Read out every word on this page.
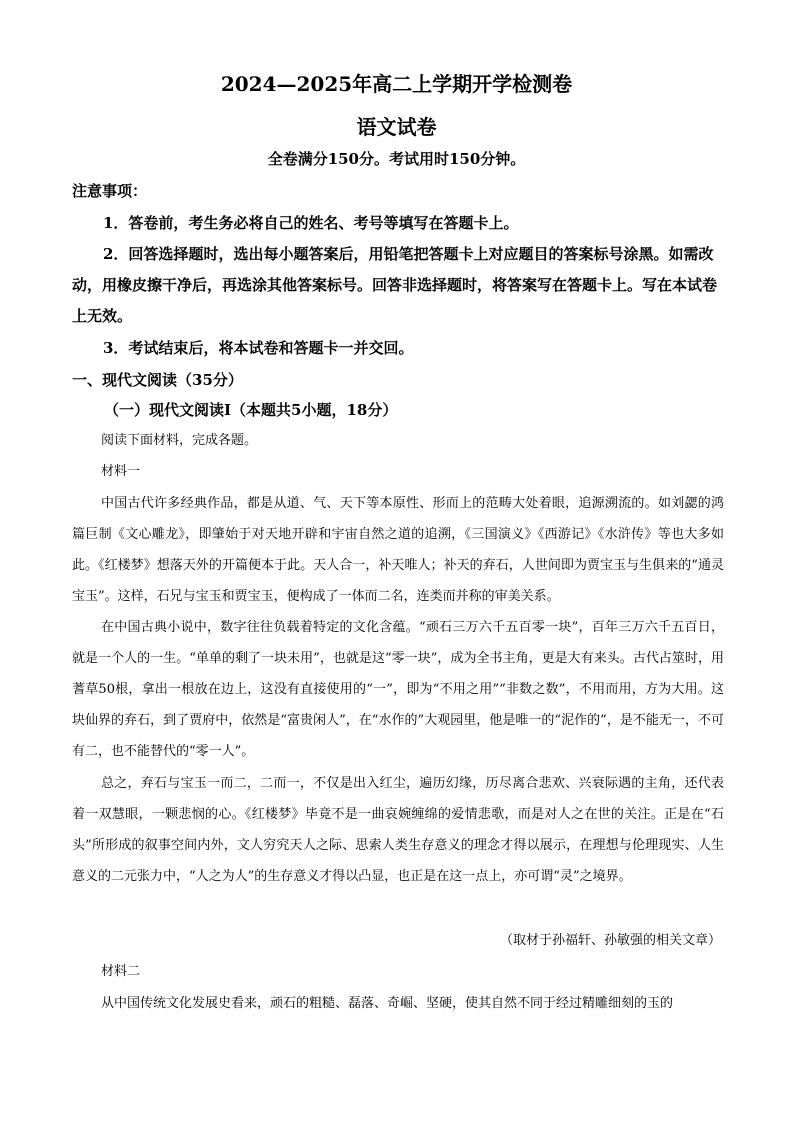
2024—2025年高二上学期开学检测卷
语文试卷
全卷满分150分。考试用时150分钟。
注意事项：
1．答卷前，考生务必将自己的姓名、考号等填写在答题卡上。
2．回答选择题时，选出每小题答案后，用铅笔把答题卡上对应题目的答案标号涂黑。如需改动，用橡皮擦干净后，再选涂其他答案标号。回答非选择题时，将答案写在答题卡上。写在本试卷上无效。
3．考试结束后，将本试卷和答题卡一并交回。
一、现代文阅读（35分）
（一）现代文阅读Ⅰ（本题共5小题，18分）
阅读下面材料，完成各题。
材料一
中国古代许多经典作品，都是从道、气、天下等本原性、形而上的范畴大处着眼，追源溯流的。如刘勰的鸿篇巨制《文心雕龙》，即肇始于对天地开辟和宇宙自然之道的追溯，《三国演义》《西游记》《水浒传》等也大多如此。《红楼梦》想落天外的开篇便本于此。天人合一，补天唯人；补天的弃石，人世间即为贾宝玉与生俱来的“通灵宝玉”。这样，石兄与宝玉和贾宝玉，便构成了一体而二名，连类而并称的审美关系。
在中国古典小说中，数字往往负载着特定的文化含蕴。“顽石三万六千五百零一块”，百年三万六千五百日，就是一个人的一生。“单单的剩了一块未用”，也就是这“零一块”，成为全书主角，更是大有来头。古代占筮时，用蓍草50根，拿出一根放在边上，这没有直接使用的“一”，即为“不用之用”“非数之数”，不用而用，方为大用。这块仙界的弃石，到了贾府中，依然是“富贵闲人”，在“水作的”大观园里，他是唯一的“泥作的”，是不能无一，不可有二，也不能替代的“零一人”。
总之，弃石与宝玉一而二，二而一，不仅是出入红尘，遍历幻缘，历尽离合悲欢、兴衰际遇的主角，还代表着一双慧眼，一颗悲悯的心。《红楼梦》毕竟不是一曲哀婉缠绵的爱情悲歌，而是对人之在世的关注。正是在“石头”所形成的叙事空间内外，文人穷究天人之际、思索人类生存意义的理念才得以展示，在理想与伦理现实、人生意义的二元张力中，“人之为人”的生存意义才得以凸显，也正是在这一点上，亦可谓“灵”之境界。
（取材于孙福轩、孙敏强的相关文章）
材料二
从中国传统文化发展史看来，顽石的粗糙、磊落、奇崛、坚硬，使其自然不同于经过精雕细刻的玉的
